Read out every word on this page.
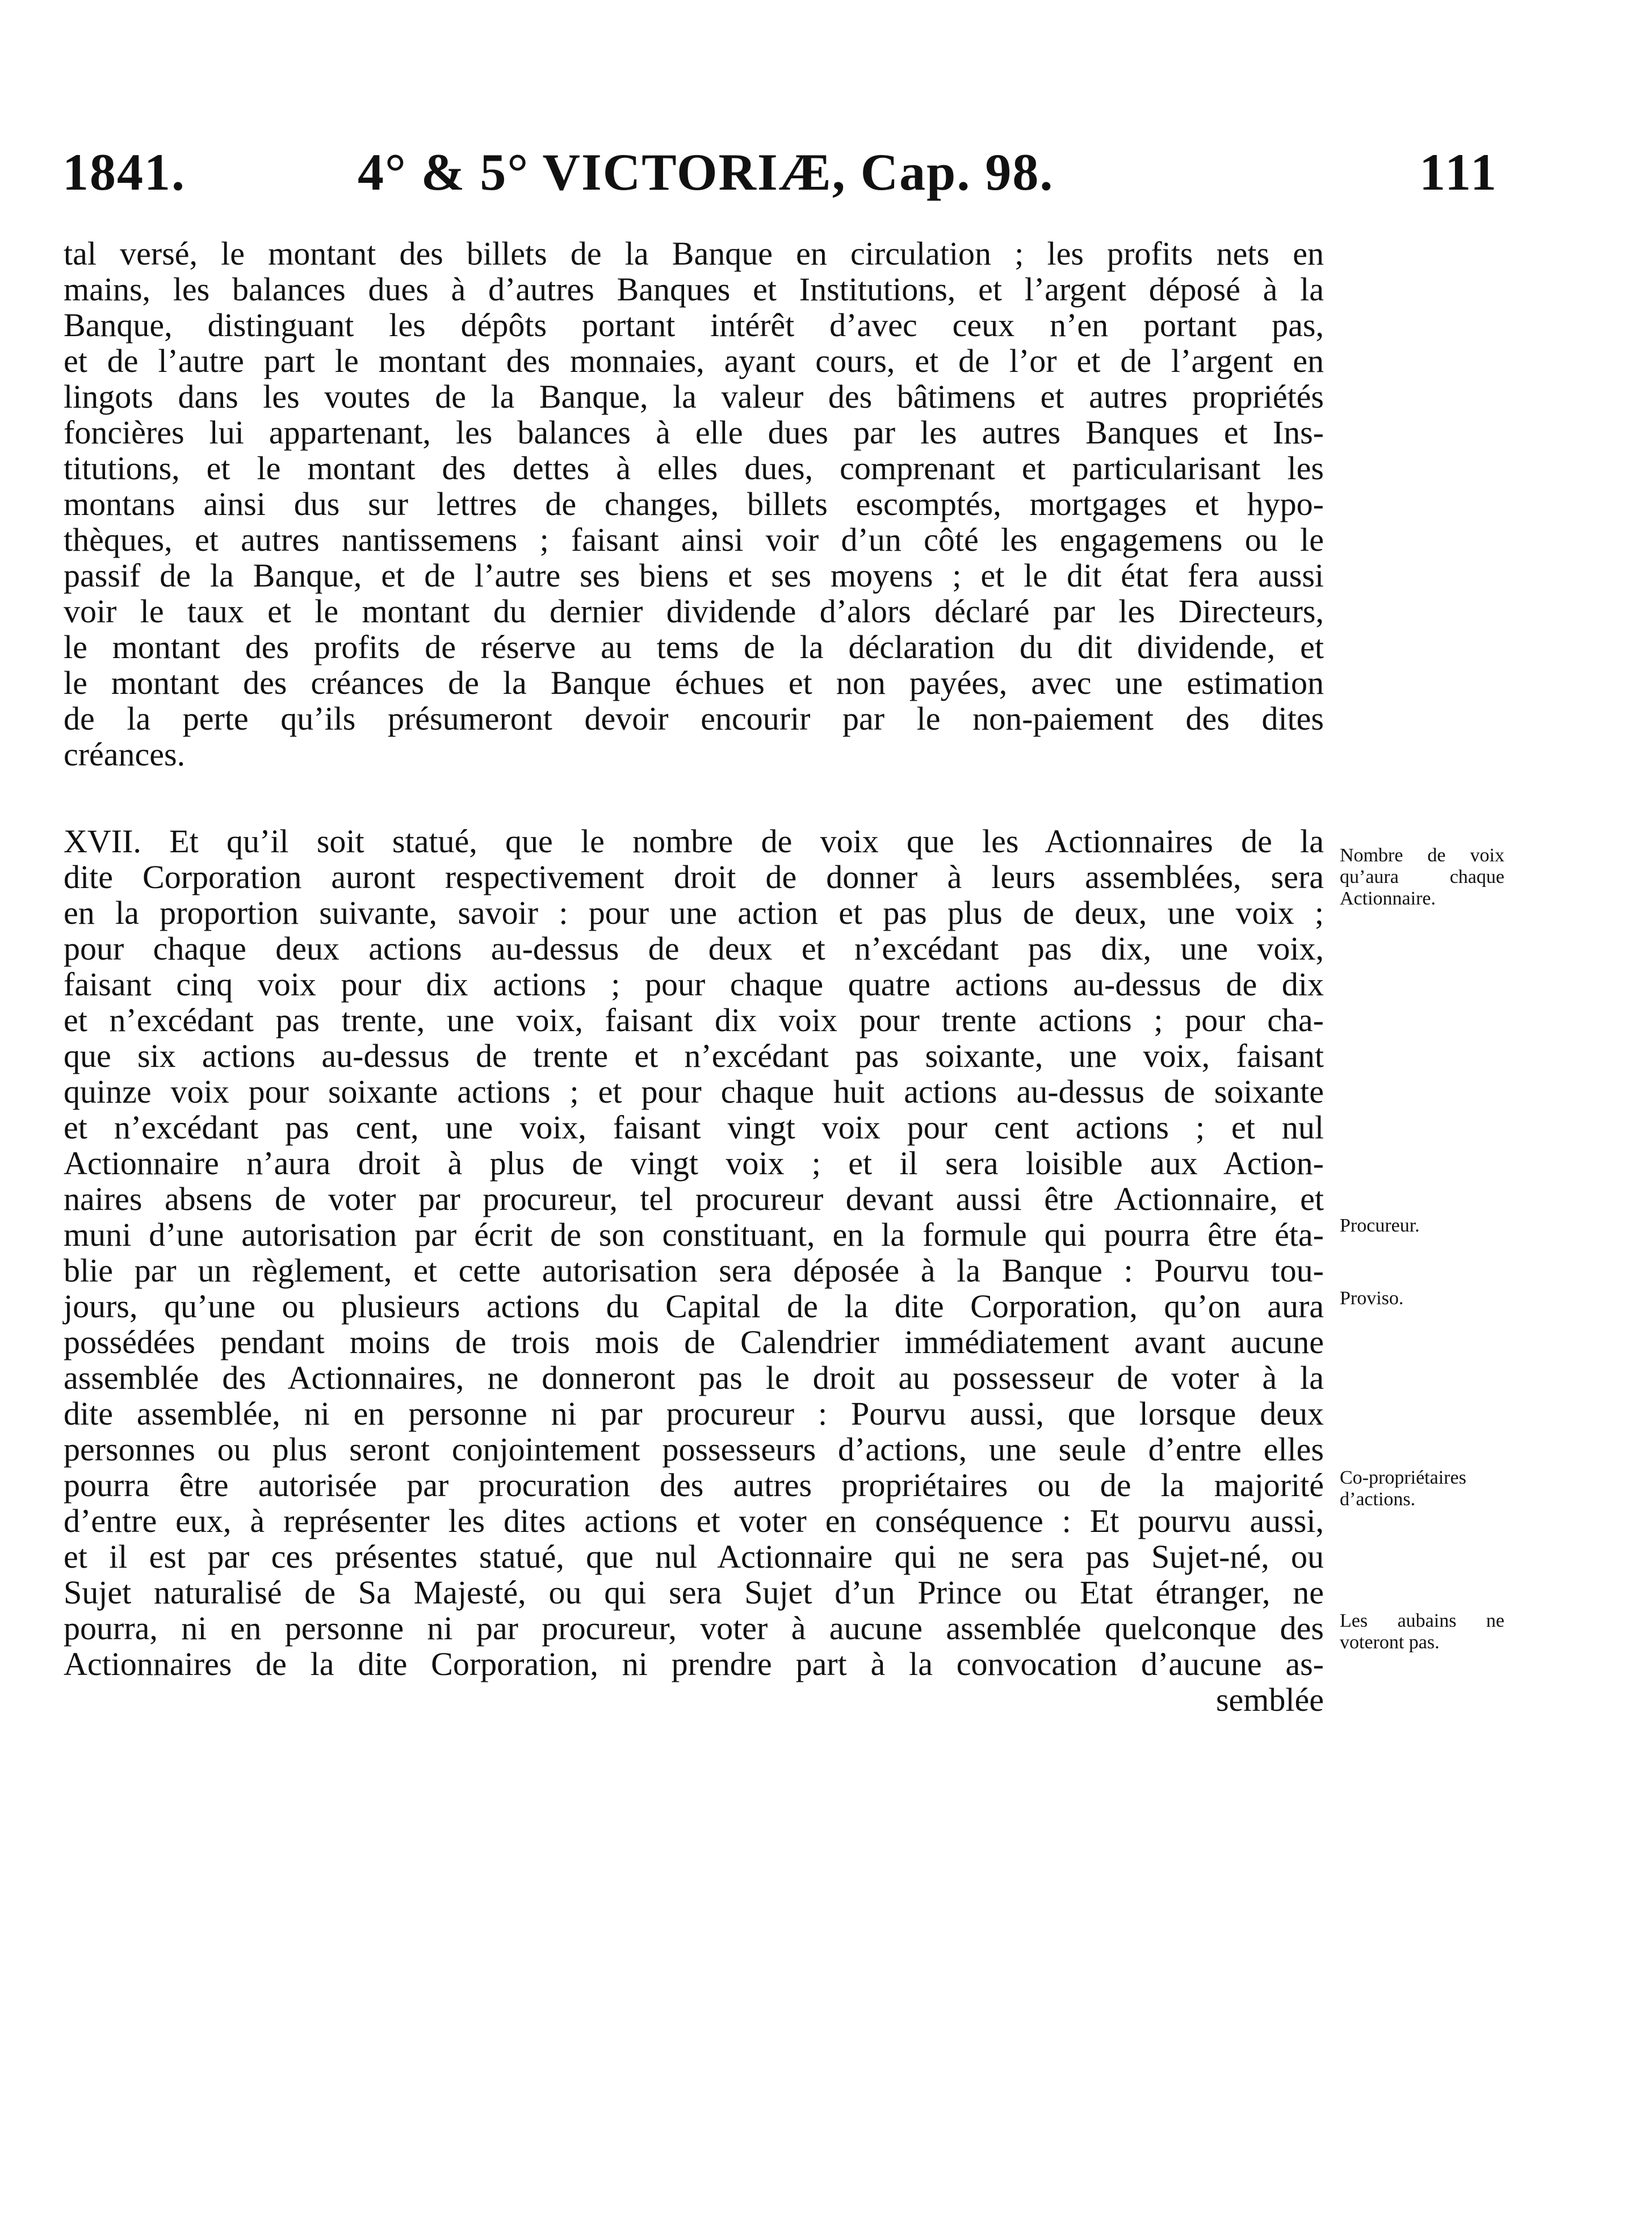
1841.	4° & 5° VICTORIÆ, Cap. 98.	111
tal versé, le montant des billets de la Banque en circulation ; les profits nets en
mains, les balances dues à d’autres Banques et Institutions, et l’argent déposé à la
Banque, distinguant les dépôts portant intérêt d’avec ceux n’en portant pas,
et de l’autre part le montant des monnaies, ayant cours, et de l’or et de l’argent en
lingots dans les voutes de la Banque, la valeur des bâtimens et autres propriétés
foncières lui appartenant, les balances à elle dues par les autres Banques et Ins-
titutions, et le montant des dettes à elles dues, comprenant et particularisant les
montans ainsi dus sur lettres de changes, billets escomptés, mortgages et hypo-
thèques, et autres nantissemens ; faisant ainsi voir d’un côté les engagemens ou le
passif de la Banque, et de l’autre ses biens et ses moyens ; et le dit état fera aussi
voir le taux et le montant du dernier dividende d’alors déclaré par les Directeurs,
le montant des profits de réserve au tems de la déclaration du dit dividende, et
le montant des créances de la Banque échues et non payées, avec une estimation
de la perte qu’ils présumeront devoir encourir par le non-paiement des dites
créances.
XVII. Et qu’il soit statué, que le nombre de voix que les Actionnaires de la
dite Corporation auront respectivement droit de donner à leurs assemblées, sera
en la proportion suivante, savoir : pour une action et pas plus de deux, une voix ;
pour chaque deux actions au-dessus de deux et n’excédant pas dix, une voix,
faisant cinq voix pour dix actions ; pour chaque quatre actions au-dessus de dix
et n’excédant pas trente, une voix, faisant dix voix pour trente actions ; pour cha-
que six actions au-dessus de trente et n’excédant pas soixante, une voix, faisant
quinze voix pour soixante actions ; et pour chaque huit actions au-dessus de soixante
et n’excédant pas cent, une voix, faisant vingt voix pour cent actions ; et nul
Actionnaire n’aura droit à plus de vingt voix ; et il sera loisible aux Action-
naires absens de voter par procureur, tel procureur devant aussi être Actionnaire, et
muni d’une autorisation par écrit de son constituant, en la formule qui pourra être éta-
blie par un règlement, et cette autorisation sera déposée à la Banque : Pourvu tou-
jours, qu’une ou plusieurs actions du Capital de la dite Corporation, qu’on aura
possédées pendant moins de trois mois de Calendrier immédiatement avant aucune
assemblée des Actionnaires, ne donneront pas le droit au possesseur de voter à la
dite assemblée, ni en personne ni par procureur : Pourvu aussi, que lorsque deux
personnes ou plus seront conjointement possesseurs d’actions, une seule d’entre elles
pourra être autorisée par procuration des autres propriétaires ou de la majorité
d’entre eux, à représenter les dites actions et voter en conséquence : Et pourvu aussi,
et il est par ces présentes statué, que nul Actionnaire qui ne sera pas Sujet-né, ou
Sujet naturalisé de Sa Majesté, ou qui sera Sujet d’un Prince ou Etat étranger, ne
pourra, ni en personne ni par procureur, voter à aucune assemblée quelconque des
Actionnaires de la dite Corporation, ni prendre part à la convocation d’aucune as-
semblée
Nombre de voix qu’aura chaque Actionnaire.
Procureur.
Proviso.
Co-propriétaires d’actions.
Les aubains ne voteront pas.
